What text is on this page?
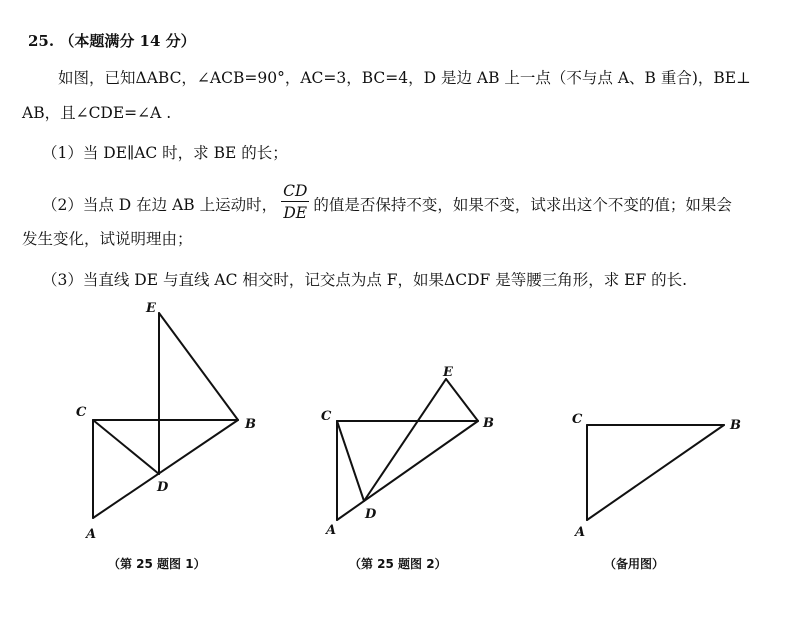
25. （本题满分 14 分）
如图，已知ΔABC，∠ACB=90°，AC=3，BC=4，D 是边 AB 上一点（不与点 A、B 重合)，BE⊥
AB，且∠CDE=∠A .
（1）当 DE∥AC 时，求 BE 的长；
（2）当点 D 在边 AB 上运动时， $\frac{CD}{DE}$ 的值是否保持不变，如果不变，试求出这个不变的值；如果会
发生变化，试说明理由；
（3）当直线 DE 与直线 AC 相交时，记交点为点 F，如果ΔCDF 是等腰三角形，求 EF 的长.
E
C
B
D
A
（第 25 题图 1）
E
C	B
D
A
（第 25 题图 2）
C	B
A
（备用图）
